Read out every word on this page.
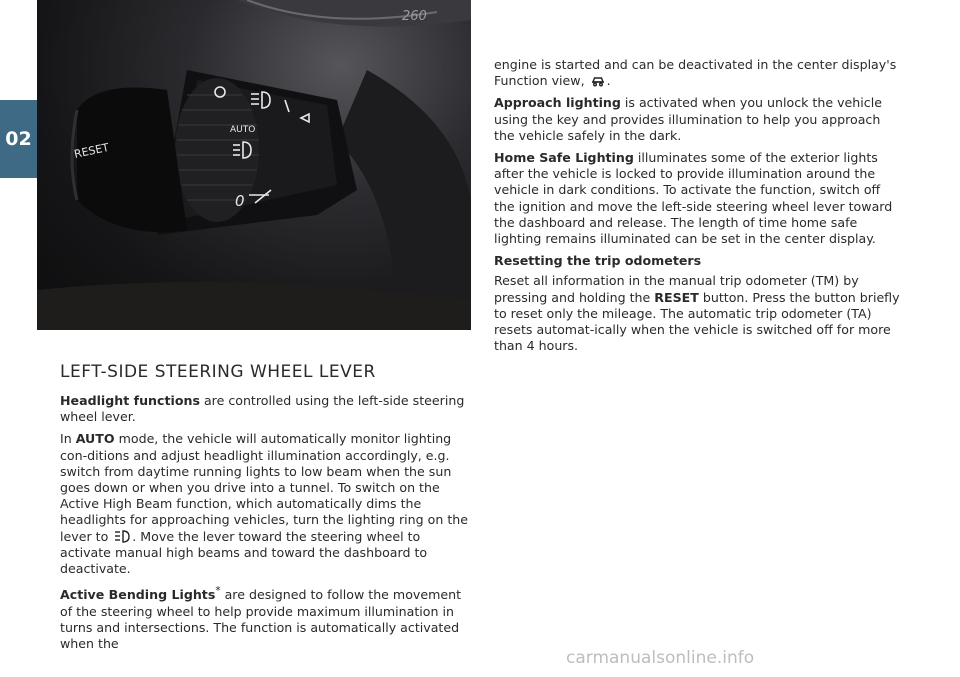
02
260
RESET
AUTO
0
LEFT-SIDE STEERING WHEEL LEVER

Headlight functions are controlled using the left-side steering wheel lever.

In AUTO mode, the vehicle will automatically monitor lighting con-ditions and adjust headlight illumination accordingly, e.g. switch from daytime running lights to low beam when the sun goes down or when you drive into a tunnel. To switch on the Active High Beam function, which automatically dims the headlights for approaching vehicles, turn the lighting ring on the lever to . Move the lever toward the steering wheel to activate manual high beams and toward the dashboard to deactivate.

Active Bending Lights* are designed to follow the movement of the steering wheel to help provide maximum illumination in turns and intersections. The function is automatically activated when the

engine is started and can be deactivated in the center display's Function view, .

Approach lighting is activated when you unlock the vehicle using the key and provides illumination to help you approach the vehicle safely in the dark.

Home Safe Lighting illuminates some of the exterior lights after the vehicle is locked to provide illumination around the vehicle in dark conditions. To activate the function, switch off the ignition and move the left-side steering wheel lever toward the dashboard and release. The length of time home safe lighting remains illuminated can be set in the center display.

Resetting the trip odometers

Reset all information in the manual trip odometer (TM) by pressing and holding the RESET button. Press the button briefly to reset only the mileage. The automatic trip odometer (TA) resets automat-ically when the vehicle is switched off for more than 4 hours.

carmanualsonline.info
